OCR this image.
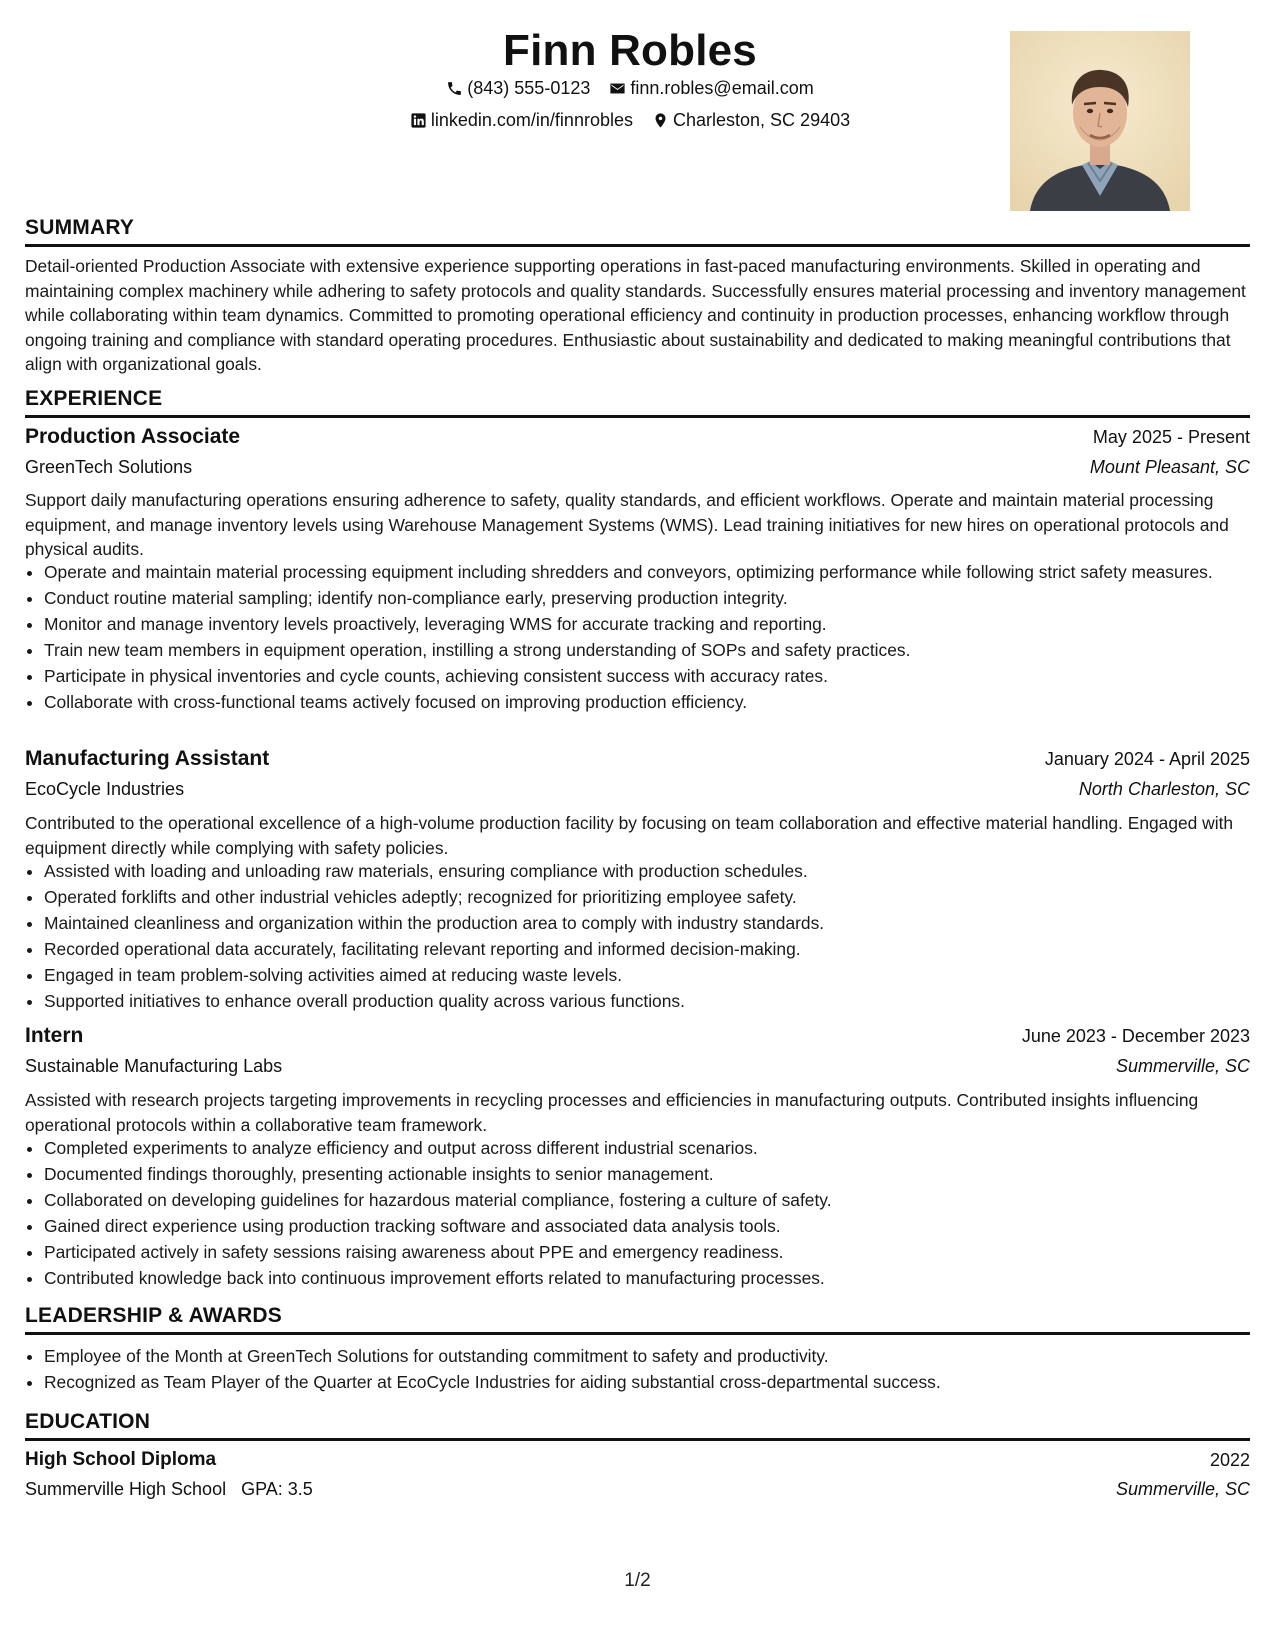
Finn Robles
(843) 555-0123
finn.robles@email.com
linkedin.com/in/finnrobles
Charleston, SC 29403
SUMMARY
Detail-oriented Production Associate with extensive experience supporting operations in fast-paced manufacturing environments. Skilled in operating and maintaining complex machinery while adhering to safety protocols and quality standards. Successfully ensures material processing and inventory management while collaborating within team dynamics. Committed to promoting operational efficiency and continuity in production processes, enhancing workflow through ongoing training and compliance with standard operating procedures. Enthusiastic about sustainability and dedicated to making meaningful contributions that align with organizational goals.
EXPERIENCE
Production Associate	May 2025 - Present
GreenTech Solutions	Mount Pleasant, SC
Support daily manufacturing operations ensuring adherence to safety, quality standards, and efficient workflows. Operate and maintain material processing equipment, and manage inventory levels using Warehouse Management Systems (WMS). Lead training initiatives for new hires on operational protocols and physical audits.
• Operate and maintain material processing equipment including shredders and conveyors, optimizing performance while following strict safety measures.
• Conduct routine material sampling; identify non-compliance early, preserving production integrity.
• Monitor and manage inventory levels proactively, leveraging WMS for accurate tracking and reporting.
• Train new team members in equipment operation, instilling a strong understanding of SOPs and safety practices.
• Participate in physical inventories and cycle counts, achieving consistent success with accuracy rates.
• Collaborate with cross-functional teams actively focused on improving production efficiency.
Manufacturing Assistant	January 2024 - April 2025
EcoCycle Industries	North Charleston, SC
Contributed to the operational excellence of a high-volume production facility by focusing on team collaboration and effective material handling. Engaged with equipment directly while complying with safety policies.
• Assisted with loading and unloading raw materials, ensuring compliance with production schedules.
• Operated forklifts and other industrial vehicles adeptly; recognized for prioritizing employee safety.
• Maintained cleanliness and organization within the production area to comply with industry standards.
• Recorded operational data accurately, facilitating relevant reporting and informed decision-making.
• Engaged in team problem-solving activities aimed at reducing waste levels.
• Supported initiatives to enhance overall production quality across various functions.
Intern	June 2023 - December 2023
Sustainable Manufacturing Labs	Summerville, SC
Assisted with research projects targeting improvements in recycling processes and efficiencies in manufacturing outputs. Contributed insights influencing operational protocols within a collaborative team framework.
• Completed experiments to analyze efficiency and output across different industrial scenarios.
• Documented findings thoroughly, presenting actionable insights to senior management.
• Collaborated on developing guidelines for hazardous material compliance, fostering a culture of safety.
• Gained direct experience using production tracking software and associated data analysis tools.
• Participated actively in safety sessions raising awareness about PPE and emergency readiness.
• Contributed knowledge back into continuous improvement efforts related to manufacturing processes.
LEADERSHIP & AWARDS
• Employee of the Month at GreenTech Solutions for outstanding commitment to safety and productivity.
• Recognized as Team Player of the Quarter at EcoCycle Industries for aiding substantial cross-departmental success.
EDUCATION
High School Diploma	2022
Summerville High School GPA: 3.5	Summerville, SC
1/2
